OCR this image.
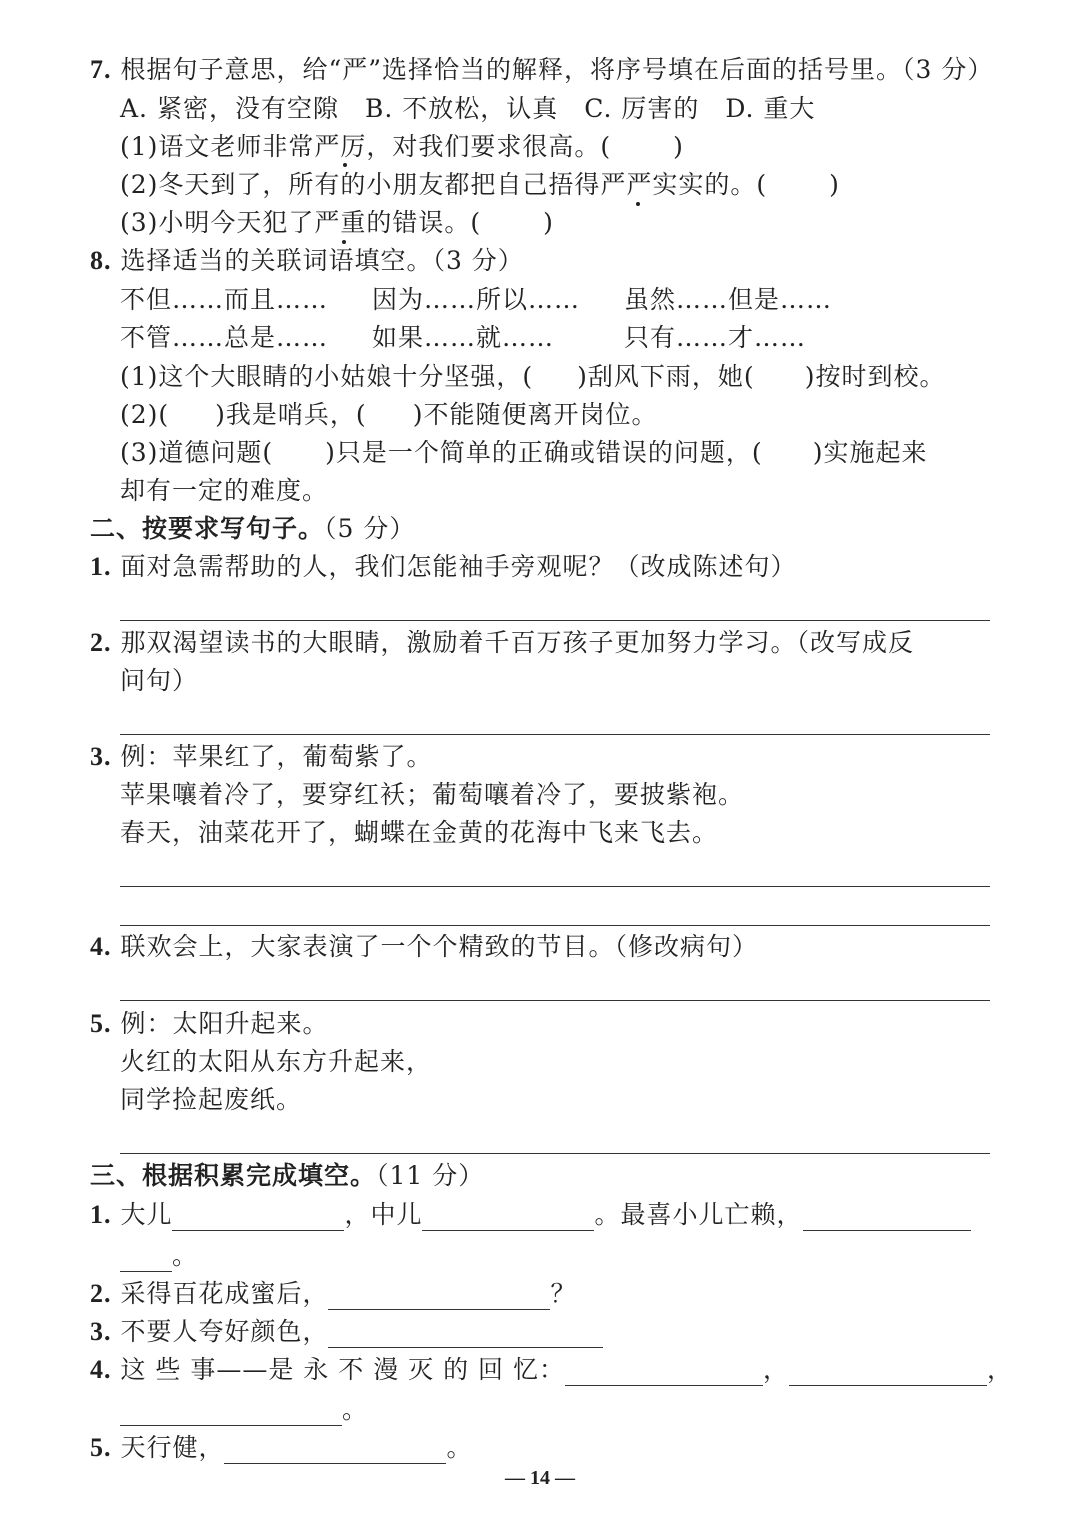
7. 根据句子意思，给“严”选择恰当的解释，将序号填在后面的括号里。（3 分）
A. 紧密，没有空隙　B. 不放松，认真　C. 厉害的　D. 重大
(1)语文老师非常严厉，对我们要求很高。( )
(2)冬天到了，所有的小朋友都把自己捂得严严实实的。( )
(3)小明今天犯了严重的错误。( )
8. 选择适当的关联词语填空。（3 分）
不但……而且…… 因为……所以…… 虽然……但是……
不管……总是…… 如果……就……	只有……才……
(1)这个大眼睛的小姑娘十分坚强，( )刮风下雨，她( )按时到校。
(2)( )我是哨兵，( )不能随便离开岗位。
(3)道德问题( )只是一个简单的正确或错误的问题，( )实施起来
却有一定的难度。
二、按要求写句子。（5 分）
1. 面对急需帮助的人，我们怎能袖手旁观呢？（改成陈述句）
2. 那双渴望读书的大眼睛，激励着千百万孩子更加努力学习。（改写成反
问句）
3. 例：苹果红了，葡萄紫了。
苹果嚷着冷了，要穿红袄；葡萄嚷着冷了，要披紫袍。
春天，油菜花开了，蝴蝶在金黄的花海中飞来飞去。
4. 联欢会上，大家表演了一个个精致的节目。（修改病句）
5. 例：太阳升起来。
火红的太阳从东方升起来，
同学捡起废纸。
三、根据积累完成填空。（11 分）
1. 大儿	，中儿	。最喜小儿亡赖，
。
2. 采得百花成蜜后，	？
3. 不要人夸好颜色，
4. 这 些 事——是 永 不 漫 灭 的 回 忆：	，	，
。
5. 天行健，	。
— 14 —
